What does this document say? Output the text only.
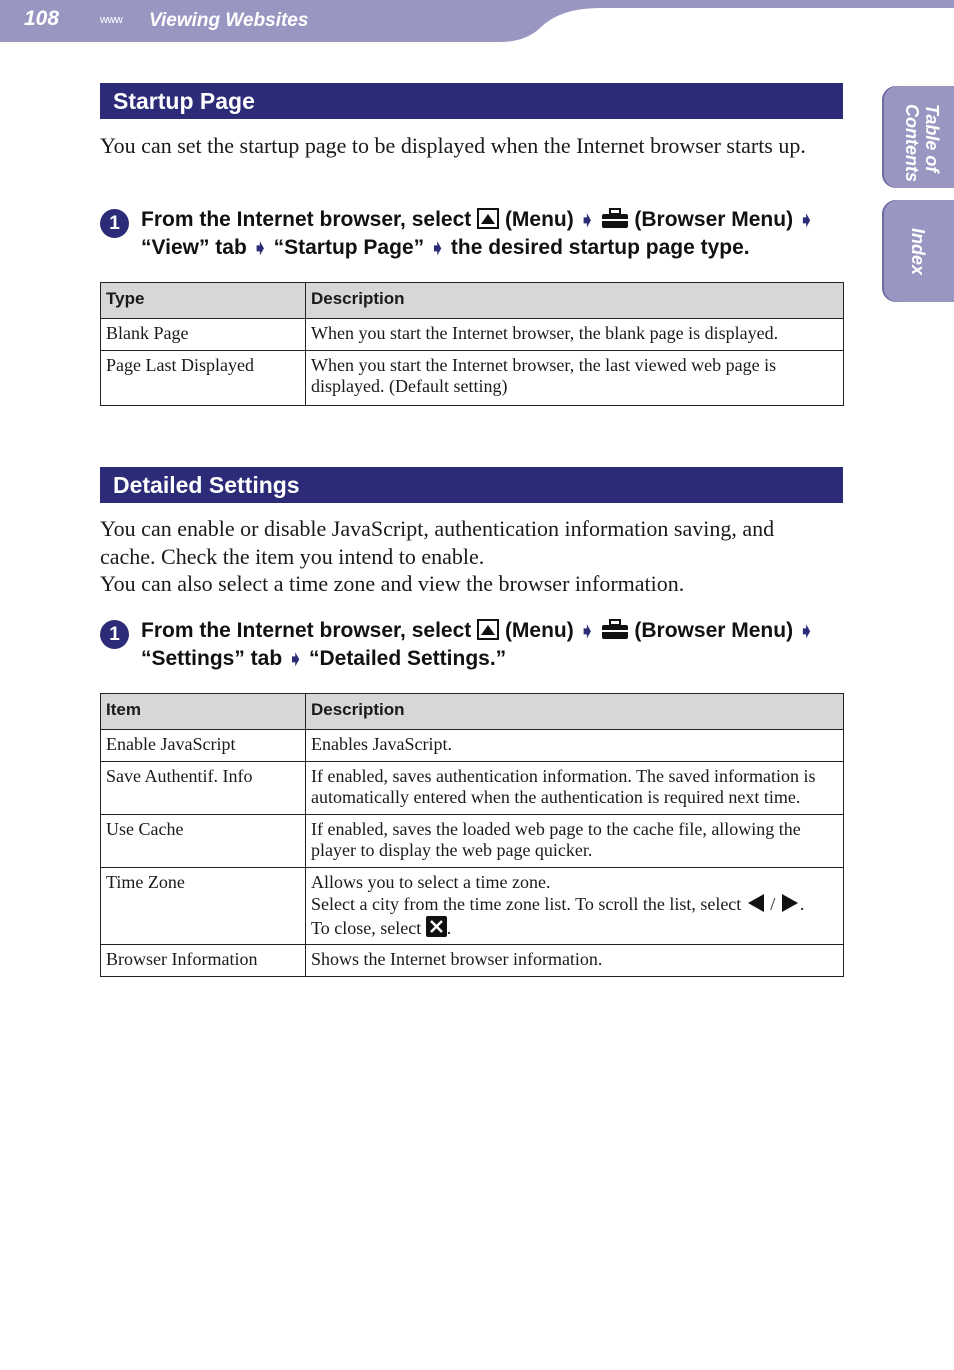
108	www Viewing Websites
Table of
Contents
Index
Startup Page
You can set the startup page to be displayed when the Internet browser starts up.
1	From the Internet browser, select  (Menu) ➧ (Browser Menu) ➧ “View” tab ➧ “Startup Page” ➧ the desired startup page type.
Type	Description
Blank Page	When you start the Internet browser, the blank page is displayed.
Page Last Displayed	When you start the Internet browser, the last viewed web page is displayed. (Default setting)
Detailed Settings
You can enable or disable JavaScript, authentication information saving, and cache. Check the item you intend to enable.
You can also select a time zone and view the browser information.
1	From the Internet browser, select  (Menu) ➧ (Browser Menu) ➧ “Settings” tab ➧ “Detailed Settings.”
Item	Description
Enable JavaScript	Enables JavaScript.
Save Authentif. Info	If enabled, saves authentication information. The saved information is automatically entered when the authentication is required next time.
Use Cache	If enabled, saves the loaded web page to the cache file, allowing the player to display the web page quicker.
Time Zone	Allows you to select a time zone.
Select a city from the time zone list. To scroll the list, select  / .
To close, select .
Browser Information	Shows the Internet browser information.
